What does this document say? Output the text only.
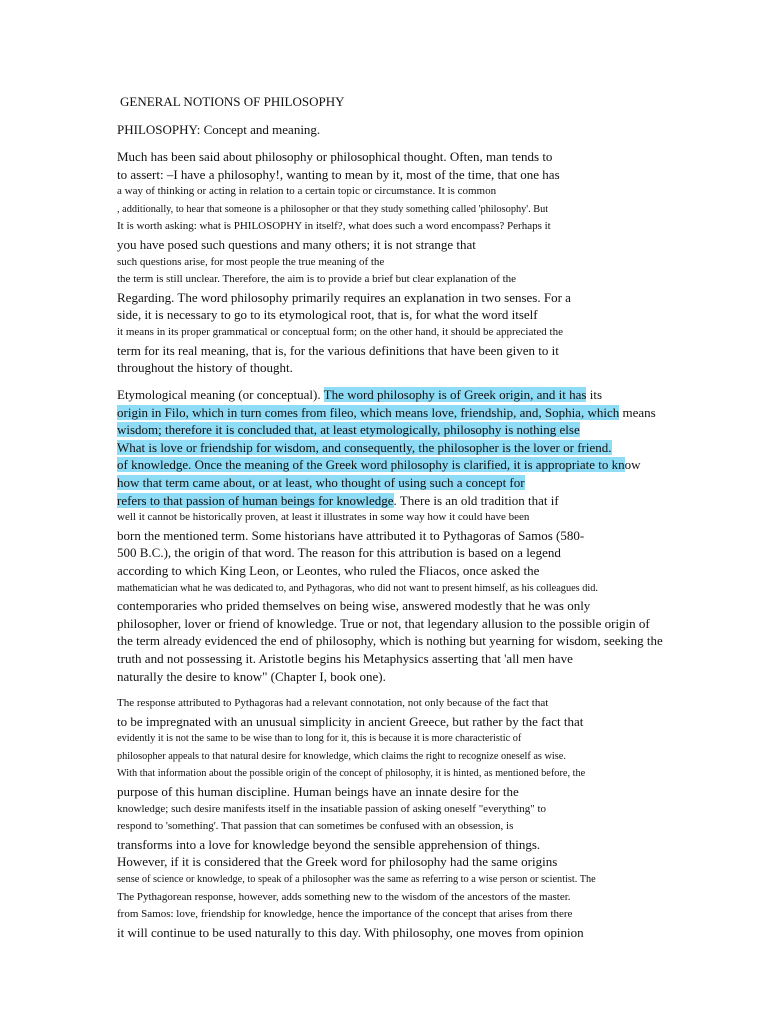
GENERAL NOTIONS OF PHILOSOPHY
PHILOSOPHY: Concept and meaning.
Much has been said about philosophy or philosophical thought. Often, man tends to
to assert: –I have a philosophy!, wanting to mean by it, most of the time, that one has
a way of thinking or acting in relation to a certain topic or circumstance. It is common
, additionally, to hear that someone is a philosopher or that they study something called 'philosophy'. But
It is worth asking: what is PHILOSOPHY in itself?, what does such a word encompass? Perhaps it
you have posed such questions and many others; it is not strange that
such questions arise, for most people the true meaning of the
the term is still unclear. Therefore, the aim is to provide a brief but clear explanation of the
Regarding. The word philosophy primarily requires an explanation in two senses. For a
side, it is necessary to go to its etymological root, that is, for what the word itself
it means in its proper grammatical or conceptual form; on the other hand, it should be appreciated the
term for its real meaning, that is, for the various definitions that have been given to it
throughout the history of thought.
Etymological meaning (or conceptual). The word philosophy is of Greek origin, and it has its
origin in Filo, which in turn comes from fileo, which means love, friendship, and, Sophia, which means
wisdom; therefore it is concluded that, at least etymologically, philosophy is nothing else
What is love or friendship for wisdom, and consequently, the philosopher is the lover or friend.
of knowledge. Once the meaning of the Greek word philosophy is clarified, it is appropriate to know
how that term came about, or at least, who thought of using such a concept for
refers to that passion of human beings for knowledge. There is an old tradition that if
well it cannot be historically proven, at least it illustrates in some way how it could have been
born the mentioned term. Some historians have attributed it to Pythagoras of Samos (580-
500 B.C.), the origin of that word. The reason for this attribution is based on a legend
according to which King Leon, or Leontes, who ruled the Fliacos, once asked the
mathematician what he was dedicated to, and Pythagoras, who did not want to present himself, as his colleagues did.
contemporaries who prided themselves on being wise, answered modestly that he was only
philosopher, lover or friend of knowledge. True or not, that legendary allusion to the possible origin of
the term already evidenced the end of philosophy, which is nothing but yearning for wisdom, seeking the
truth and not possessing it. Aristotle begins his Metaphysics asserting that 'all men have
naturally the desire to know" (Chapter I, book one).
The response attributed to Pythagoras had a relevant connotation, not only because of the fact that
to be impregnated with an unusual simplicity in ancient Greece, but rather by the fact that
evidently it is not the same to be wise than to long for it, this is because it is more characteristic of
philosopher appeals to that natural desire for knowledge, which claims the right to recognize oneself as wise.
With that information about the possible origin of the concept of philosophy, it is hinted, as mentioned before, the
purpose of this human discipline. Human beings have an innate desire for the
knowledge; such desire manifests itself in the insatiable passion of asking oneself "everything" to
respond to 'something'. That passion that can sometimes be confused with an obsession, is
transforms into a love for knowledge beyond the sensible apprehension of things.
However, if it is considered that the Greek word for philosophy had the same origins
sense of science or knowledge, to speak of a philosopher was the same as referring to a wise person or scientist. The
The Pythagorean response, however, adds something new to the wisdom of the ancestors of the master.
from Samos: love, friendship for knowledge, hence the importance of the concept that arises from there
it will continue to be used naturally to this day. With philosophy, one moves from opinion
